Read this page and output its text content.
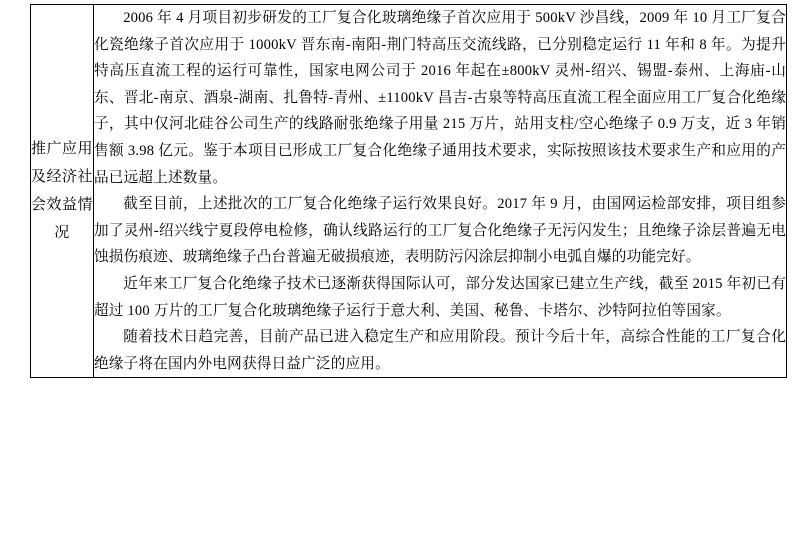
推广应用
及经济社
会效益情
况

2006 年 4 月项目初步研发的工厂复合化玻璃绝缘子首次应用于 500kV 沙昌线，2009 年 10 月工厂复合化瓷绝缘子首次应用于 1000kV 晋东南-南阳-荆门特高压交流线路，已分别稳定运行 11 年和 8 年。为提升特高压直流工程的运行可靠性，国家电网公司于 2016 年起在±800kV 灵州-绍兴、锡盟-泰州、上海庙-山东、晋北-南京、酒泉-湖南、扎鲁特-青州、±1100kV 昌吉-古泉等特高压直流工程全面应用工厂复合化绝缘子，其中仅河北硅谷公司生产的线路耐张绝缘子用量 215 万片，站用支柱/空心绝缘子 0.9 万支，近 3 年销售额 3.98 亿元。鉴于本项目已形成工厂复合化绝缘子通用技术要求，实际按照该技术要求生产和应用的产品已远超上述数量。

截至目前，上述批次的工厂复合化绝缘子运行效果良好。2017 年 9 月，由国网运检部安排，项目组参加了灵州-绍兴线宁夏段停电检修，确认线路运行的工厂复合化绝缘子无污闪发生；且绝缘子涂层普遍无电蚀损伤痕迹、玻璃绝缘子凸台普遍无破损痕迹，表明防污闪涂层抑制小电弧自爆的功能完好。

近年来工厂复合化绝缘子技术已逐渐获得国际认可，部分发达国家已建立生产线，截至 2015 年初已有超过 100 万片的工厂复合化玻璃绝缘子运行于意大利、美国、秘鲁、卡塔尔、沙特阿拉伯等国家。

随着技术日趋完善，目前产品已进入稳定生产和应用阶段。预计今后十年，高综合性能的工厂复合化绝缘子将在国内外电网获得日益广泛的应用。
